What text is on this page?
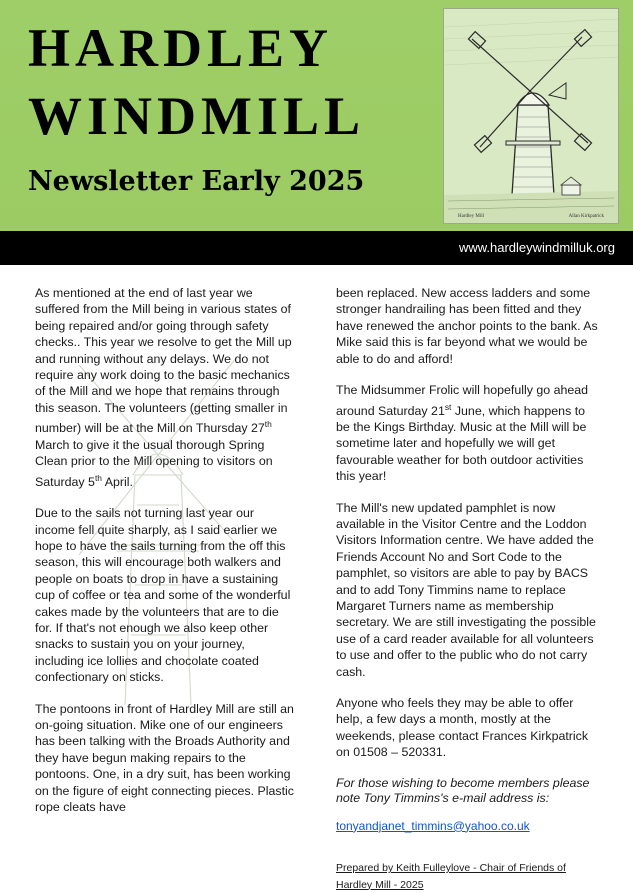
HARDLEY
WINDMILL
Newsletter Early 2025
Hardley Mill	Allan Kirkpatrick
www.hardleywindmilluk.org

As mentioned at the end of last year we suffered from the Mill being in various states of being repaired and/or going through safety checks.. This year we resolve to get the Mill up and running without any delays. We do not require any work doing to the basic mechanics of the Mill and we hope that remains through this season. The volunteers (getting smaller in number) will be at the Mill on Thursday 27th March to give it the usual thorough Spring Clean prior to the Mill opening to visitors on Saturday 5th April.

Due to the sails not turning last year our income fell quite sharply, as I said earlier we hope to have the sails turning from the off this season, this will encourage both walkers and people on boats to drop in have a sustaining cup of coffee or tea and some of the wonderful cakes made by the volunteers that are to die for. If that's not enough we also keep other snacks to sustain you on your journey, including ice lollies and chocolate coated confectionary on sticks.

The pontoons in front of Hardley Mill are still an on-going situation. Mike one of our engineers has been talking with the Broads Authority and they have begun making repairs to the pontoons. One, in a dry suit, has been working on the figure of eight connecting pieces. Plastic rope cleats have

been replaced. New access ladders and some stronger handrailing has been fitted and they have renewed the anchor points to the bank. As Mike said this is far beyond what we would be able to do and afford!

The Midsummer Frolic will hopefully go ahead around Saturday 21st June, which happens to be the Kings Birthday. Music at the Mill will be sometime later and hopefully we will get favourable weather for both outdoor activities this year!

The Mill's new updated pamphlet is now available in the Visitor Centre and the Loddon Visitors Information centre. We have added the Friends Account No and Sort Code to the pamphlet, so visitors are able to pay by BACS and to add Tony Timmins name to replace Margaret Turners name as membership secretary. We are still investigating the possible use of a card reader available for all volunteers to use and offer to the public who do not carry cash.

Anyone who feels they may be able to offer help, a few days a month, mostly at the weekends, please contact Frances Kirkpatrick on 01508 – 520331.

For those wishing to become members please note Tony Timmins's e-mail address is:
tonyandjanet_timmins@yahoo.co.uk
Prepared by Keith Fulleylove - Chair of Friends of Hardley Mill - 2025
